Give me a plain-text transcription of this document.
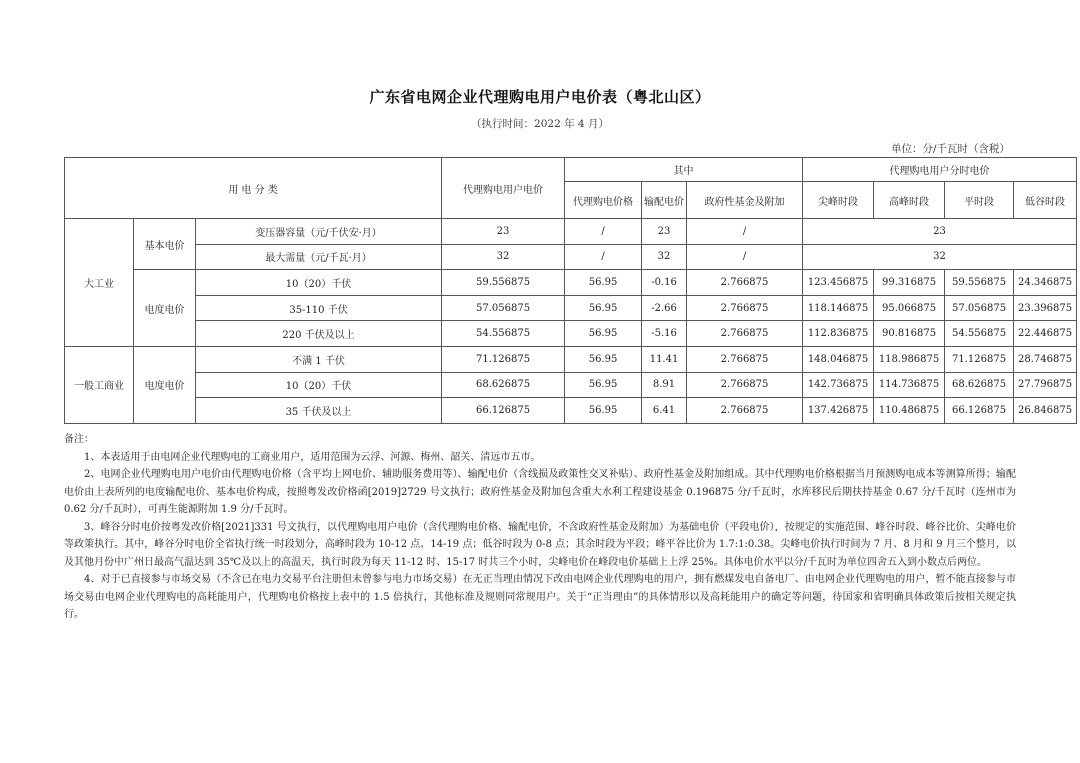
广东省电网企业代理购电用户电价表（粤北山区）
（执行时间：2022 年 4 月）
单位：分/千瓦时（含税）
用 电 分 类			代理购电用户电价	其中			代理购电用户分时电价			
				代理购电价格	输配电价	政府性基金及附加	尖峰时段	高峰时段	平时段	低谷时段
大工业	基本电价	变压器容量（元/千伏安·月）	23	/	23	/	23			
		最大需量（元/千瓦·月）	32	/	32	/	32			
	电度电价	10（20）千伏	59.556875	56.95	-0.16	2.766875	123.456875	99.316875	59.556875	24.346875
		35-110 千伏	57.056875	56.95	-2.66	2.766875	118.146875	95.066875	57.056875	23.396875
		220 千伏及以上	54.556875	56.95	-5.16	2.766875	112.836875	90.816875	54.556875	22.446875
一般工商业	电度电价	不满 1 千伏	71.126875	56.95	11.41	2.766875	148.046875	118.986875	71.126875	28.746875
		10（20）千伏	68.626875	56.95	8.91	2.766875	142.736875	114.736875	68.626875	27.796875
		35 千伏及以上	66.126875	56.95	6.41	2.766875	137.426875	110.486875	66.126875	26.846875

备注：

1、本表适用于由电网企业代理购电的工商业用户，适用范围为云浮、河源、梅州、韶关、清远市五市。

2、电网企业代理购电用户电价由代理购电价格（含平均上网电价、辅助服务费用等）、输配电价（含线损及政策性交叉补贴）、政府性基金及附加组成。其中代理购电价格根据当月预测购电成本等测算所得；输配电价由上表所列的电度输配电价、基本电价构成，按照粤发改价格函[2019]2729 号文执行；政府性基金及附加包含重大水利工程建设基金 0.196875 分/千瓦时，水库移民后期扶持基金 0.67 分/千瓦时（连州市为 0.62 分/千瓦时），可再生能源附加 1.9 分/千瓦时。

3、峰谷分时电价按粤发改价格[2021]331 号文执行，以代理购电用户电价（含代理购电价格、输配电价，不含政府性基金及附加）为基础电价（平段电价），按规定的实施范围、峰谷时段、峰谷比价、尖峰电价等政策执行。其中，峰谷分时电价全省执行统一时段划分，高峰时段为 10-12 点、14-19 点；低谷时段为 0-8 点；其余时段为平段；峰平谷比价为 1.7:1:0.38。尖峰电价执行时间为 7 月、8 月和 9 月三个整月，以及其他月份中广州日最高气温达到 35℃及以上的高温天，执行时段为每天 11-12 时、15-17 时共三个小时，尖峰电价在峰段电价基础上上浮 25%。具体电价水平以分/千瓦时为单位四舍五入到小数点后两位。

4、对于已直接参与市场交易（不含已在电力交易平台注册但未曾参与电力市场交易）在无正当理由情况下改由电网企业代理购电的用户，拥有燃煤发电自备电厂、由电网企业代理购电的用户，暂不能直接参与市场交易由电网企业代理购电的高耗能用户，代理购电价格按上表中的 1.5 倍执行，其他标准及规则同常规用户。关于“正当理由”的具体情形以及高耗能用户的确定等问题，待国家和省明确具体政策后按相关规定执行。
